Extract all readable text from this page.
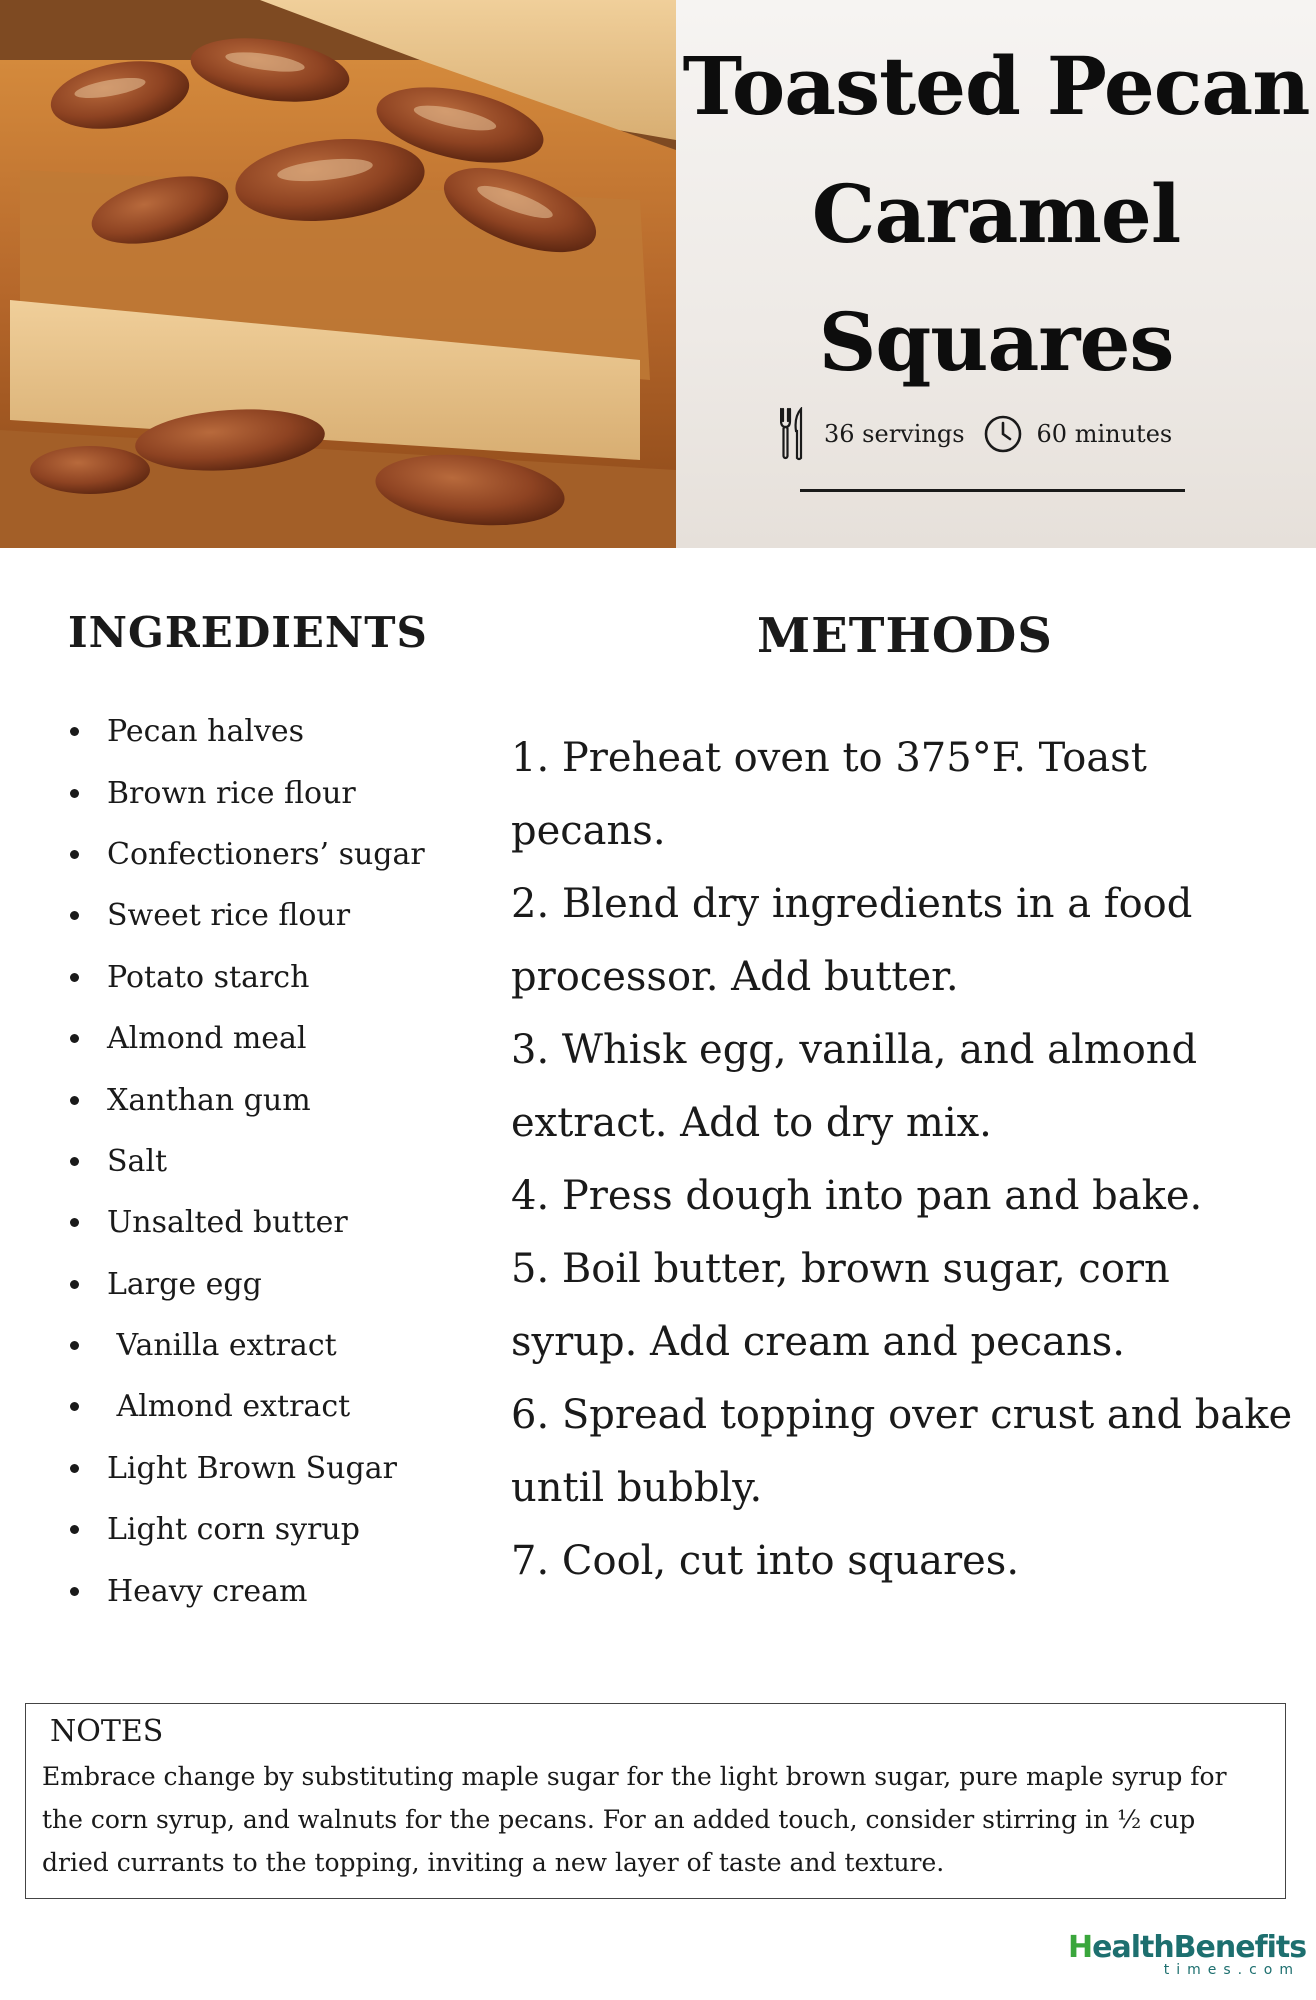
Toasted Pecan
Caramel
Squares
36 servings	60 minutes
INGREDIENTS
Pecan halves
Brown rice flour
Confectioners’ sugar
Sweet rice flour
Potato starch
Almond meal
Xanthan gum
Salt
Unsalted butter
Large egg
Vanilla extract
Almond extract
Light Brown Sugar
Light corn syrup
Heavy cream
METHODS

1. Preheat oven to 375°F. Toast pecans.

2. Blend dry ingredients in a food

processor. Add butter.

3. Whisk egg, vanilla, and almond

extract. Add to dry mix.

4. Press dough into pan and bake.

5. Boil butter, brown sugar, corn

syrup. Add cream and pecans.

6. Spread topping over crust and bake

until bubbly.

7. Cool, cut into squares.

NOTES
Embrace change by substituting maple sugar for the light brown sugar, pure maple syrup for the corn syrup, and walnuts for the pecans. For an added touch, consider stirring in ½ cup dried currants to the topping, inviting a new layer of taste and texture.
HealthBenefits
times.com
